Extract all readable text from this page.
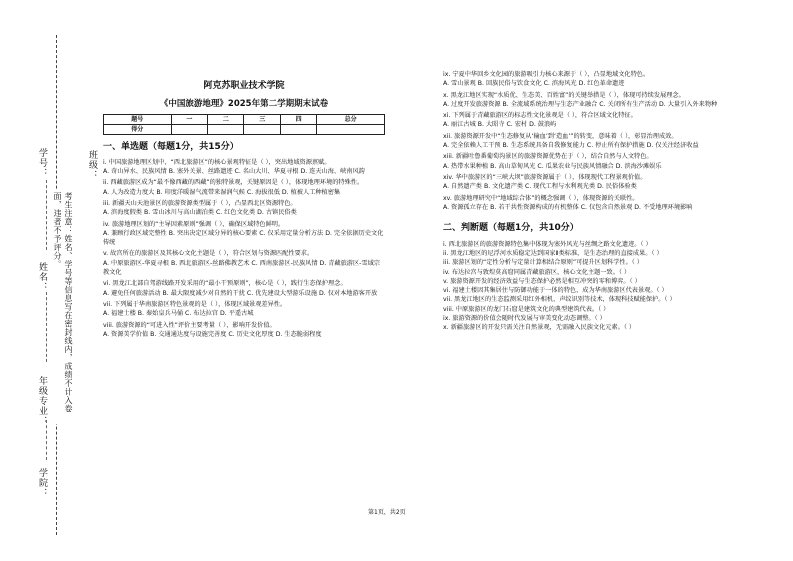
学号：
姓名：
年级专业：
学院：
班级：
考生注意：姓名、学号等信息写在密封线内，成绩不计入卷面，违者不予评分。
阿克苏职业技术学院
《中国旅游地理》2025年第二学期期末试卷
题号	一	二	三	四	总分
得分					
一、单选题（每题1分，共15分）

i. 中国旅游地理区划中，“西北旅游区”的核心景观特征是（ ），突出地域资源禀赋。

A. 奇山异水、民族风情 B. 塞外关景、丝路遗迹 C. 名山大川、华夏寻根 D. 连天山海、峡南风韵

ii. 西藏旅游区成为“最不像西藏的西藏”的独特景观，关键原因是（ ），体现地理环境的特殊性。

A. 人为改造力度大 B. 印度洋暖湿气流带来湿润气候 C. 海拔很低 D. 植被人工种植密集

iii. 新疆天山天池景区的旅游资源类型属于（ ），凸显西北区资源特色。

A. 滨海度假类 B. 雪山冰川与高山湖泊类 C. 红色文化类 D. 古镇民俗类

iv. 旅游地理区划的“主导因素原则”强调（ ），确保区域特色鲜明。

A. 兼顾行政区域完整性 B. 突出决定区域分异的核心要素 C. 仅采用定量分析方法 D. 完全依据历史文化传统

v. 故宫所在的旅游区及其核心文化主题是（ ），符合区划与资源匹配性要求。

A. 中原旅游区-华夏寻根 B. 西北旅游区-丝路佛教艺术 C. 西南旅游区-民族风情 D. 青藏旅游区-雪域宗教文化

vi. 黑龙江北部自驾游线路开发采用的“最小干预原则”，核心是（ ），践行生态保护理念。

A. 避免任何旅游活动 B. 最大限度减少对自然的干扰 C. 优先建设大型游乐设施 D. 仅对本地游客开放

vii. 下列属于华南旅游区特色景观的是（ ），体现区域景观差异性。

A. 福建土楼 B. 秦始皇兵马俑 C. 布达拉宫 D. 平遥古城

viii. 旅游资源的“可进入性”评价主要考量（ ），影响开发价值。

A. 资源美学价值 B. 交通通达度与设施完善度 C. 历史文化厚度 D. 生态脆弱程度

ix. 宁夏中华回乡文化园的旅游吸引力核心来源于（ ），凸显地域文化特色。

A. 雪山景观 B. 回族民俗与饮食文化 C. 滨海风光 D. 红色革命遗迹

x. 黑龙江地区实现“水质优、生态美、百姓富”的关键举措是（ ），体现可持续发展理念。

A. 过度开发旅游资源 B. 全流域系统治理与生态产业融合 C. 关闭所有生产活动 D. 大量引入外来物种

xi. 下列属于青藏旅游区的标志性文化景观是（ ），符合区域文化特征。

A. 丽江古城 B. 大昭寺 C. 宏村 D. 鼓浪屿

xii. 旅游资源开发中“生态修复从‘输血’到‘造血’”的转变，意味着（ ），彰显治理成效。

A. 完全依赖人工干预 B. 生态系统具备自我修复能力 C. 停止所有保护措施 D. 仅关注经济收益

xiii. 新疆吐鲁番葡萄沟景区的旅游资源优势在于（ ），结合自然与人文特色。

A. 热带水果种植 B. 高山草甸风光 C. 瓜果农业与民族风情融合 D. 滨海沙滩娱乐

xiv. 华中旅游区的“三峡大坝”旅游资源属于（ ），体现现代工程景观价值。

A. 自然遗产类 B. 文化遗产类 C. 现代工程与水利观光类 D. 民俗体验类

xv. 旅游地理研究中“地域综合体”的概念强调（ ），体现资源的关联性。

A. 资源孤立存在 B. 若干共性资源构成的有机整体 C. 仅包含自然景观 D. 不受地理环境影响

二、判断题（每题1分，共10分）

i. 西北旅游区的旅游资源特色集中体现为塞外风光与丝绸之路文化遗迹。（ ）

ii. 黑龙江地区的尼浮河水质稳定达到国家Ⅱ类标准，是生态治理的直接成果。（ ）

iii. 旅游区划的“定性分析与定量计算相结合原则”可提升区划科学性。（ ）

iv. 布达拉宫与敦煌莫高窟同属青藏旅游区，核心文化主题一致。（ ）

v. 旅游资源开发的经济效益与生态保护必然是相互冲突的零和博弈。（ ）

vi. 福建土楼因其集居住与防御功能于一体的特色，成为华南旅游区代表景观。（ ）

vii. 黑龙江地区的生态监测采用红外相机、声纹识别等技术，体现科技赋能保护。（ ）

viii. 中原旅游区的龙门石窟是建筑文化的典型建筑代表。（ ）

ix. 旅游资源的价值会随时代发展与审美变化动态调整。（ ）

x. 新疆旅游区的开发只需关注自然景观，无需融入民族文化元素。（ ）

第1页，共2页
